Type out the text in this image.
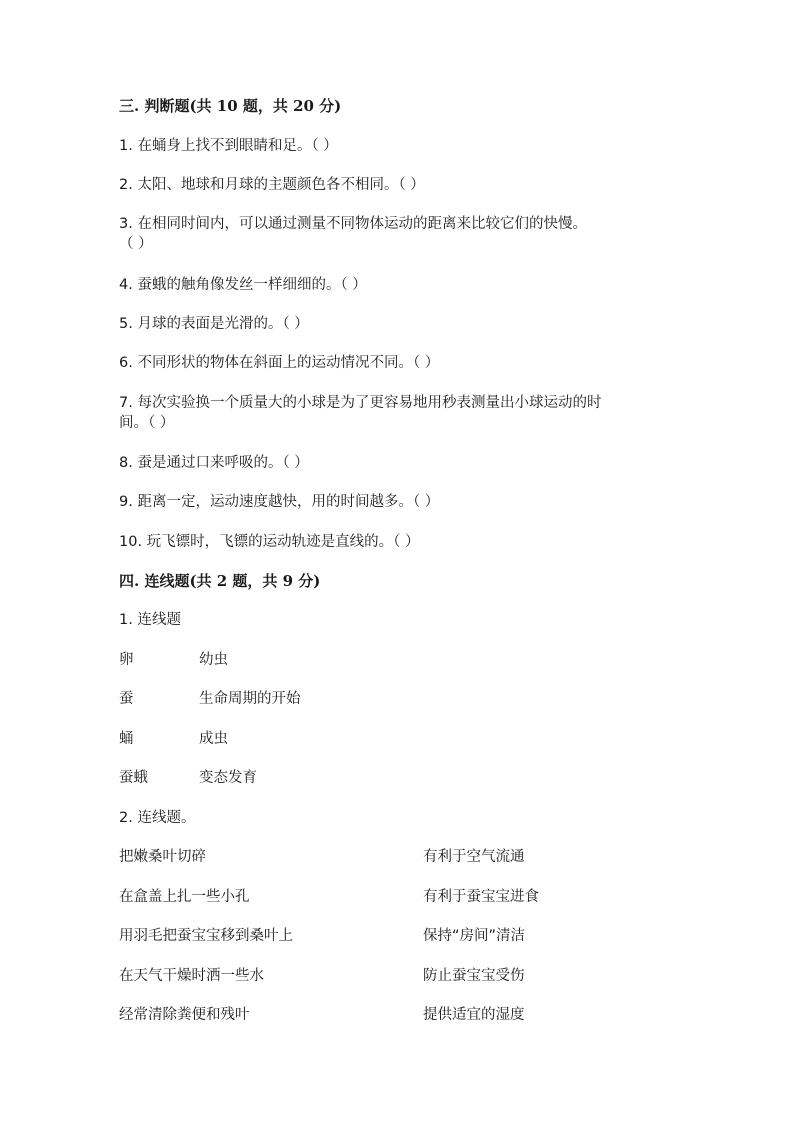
三. 判断题(共 10 题，共 20 分)
1. 在蛹身上找不到眼睛和足。（ ）
2. 太阳、地球和月球的主题颜色各不相同。（ ）
3. 在相同时间内，可以通过测量不同物体运动的距离来比较它们的快慢。
（ ）
4. 蚕蛾的触角像发丝一样细细的。（ ）
5. 月球的表面是光滑的。（ ）
6. 不同形状的物体在斜面上的运动情况不同。（ ）
7. 每次实验换一个质量大的小球是为了更容易地用秒表测量出小球运动的时
间。（ ）
8. 蚕是通过口来呼吸的。（ ）
9. 距离一定，运动速度越快，用的时间越多。（ ）
10. 玩飞镖时，飞镖的运动轨迹是直线的。（ ）
四. 连线题(共 2 题，共 9 分)
1. 连线题
卵	幼虫
蚕	生命周期的开始
蛹	成虫
蚕蛾	变态发育
2. 连线题。
把嫩桑叶切碎	有利于空气流通
在盒盖上扎一些小孔	有利于蚕宝宝进食
用羽毛把蚕宝宝移到桑叶上	保持“房间”清洁
在天气干燥时洒一些水	防止蚕宝宝受伤
经常清除粪便和残叶	提供适宜的湿度
